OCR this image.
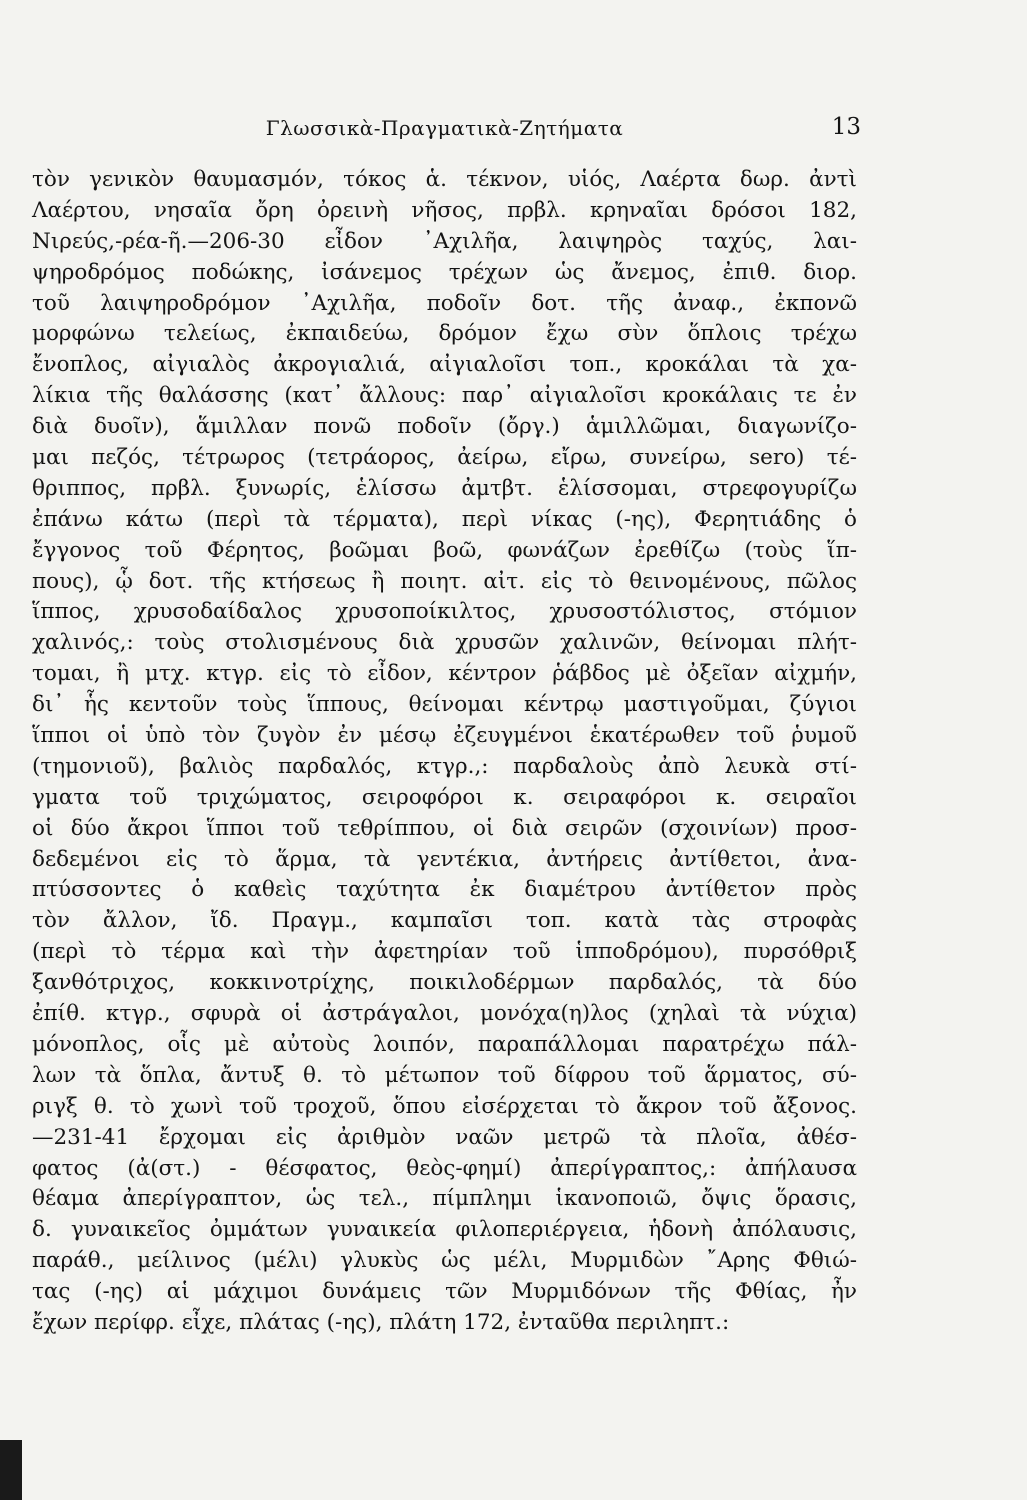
Γλωσσικὰ-Πραγματικὰ-Ζητήματα	13
τὸν γενικὸν θαυμασμόν, τόκος ἁ. τέκνον, υἱός, Λαέρτα δωρ. ἀντὶ
Λαέρτου, νησαῖα ὄρη ὀρεινὴ νῆσος, πρβλ. κρηναῖαι δρόσοι 182,
Νιρεύς,-ρέα-ῆ.—206-30 εἶδον ᾿Αχιλῆα, λαιψηρὸς ταχύς, λαι-
ψηροδρόμος ποδώκης, ἰσάνεμος τρέχων ὡς ἄνεμος, ἐπιθ. διορ.
τοῦ λαιψηροδρόμον ᾿Αχιλῆα, ποδοῖν δοτ. τῆς ἀναφ., ἐκπονῶ
μορφώνω τελείως, ἐκπαιδεύω, δρόμον ἔχω σὺν ὅπλοις τρέχω
ἔνοπλος, αἰγιαλὸς ἀκρογιαλιά, αἰγιαλοῖσι τοπ., κροκάλαι τὰ χα-
λίκια τῆς θαλάσσης (κατ᾿ ἄλλους: παρ᾿ αἰγιαλοῖσι κροκάλαις τε ἐν
διὰ δυοῖν), ἅμιλλαν πονῶ ποδοῖν (ὄργ.) ἁμιλλῶμαι, διαγωνίζο-
μαι πεζός, τέτρωρος (τετράορος, ἀείρω, εἴρω, συνείρω, sero) τέ-
θριππος, πρβλ. ξυνωρίς, ἑλίσσω ἀμτβτ. ἑλίσσομαι, στρεφογυρίζω
ἐπάνω κάτω (περὶ τὰ τέρματα), περὶ νίκας (-ης), Φερητιάδης ὁ
ἔγγονος τοῦ Φέρητος, βοῶμαι βοῶ, φωνάζων ἐρεθίζω (τοὺς ἵπ-
πους), ᾧ δοτ. τῆς κτήσεως ἢ ποιητ. αἰτ. εἰς τὸ θεινομένους, πῶλος
ἵππος, χρυσοδαίδαλος χρυσοποίκιλτος, χρυσοστόλιστος, στόμιον
χαλινός,: τοὺς στολισμένους διὰ χρυσῶν χαλινῶν, θείνομαι πλήτ-
τομαι, ἢ μτχ. κτγρ. εἰς τὸ εἶδον, κέντρον ῥάβδος μὲ ὀξεῖαν αἰχμήν,
δι᾿ ἧς κεντοῦν τοὺς ἵππους, θείνομαι κέντρῳ μαστιγοῦμαι, ζύγιοι
ἵπποι οἱ ὑπὸ τὸν ζυγὸν ἐν μέσῳ ἐζευγμένοι ἑκατέρωθεν τοῦ ῥυμοῦ
(τημονιοῦ), βαλιὸς παρδαλός, κτγρ.,: παρδαλοὺς ἀπὸ λευκὰ στί-
γματα τοῦ τριχώματος, σειροφόροι κ. σειραφόροι κ. σειραῖοι
οἱ δύο ἄκροι ἵπποι τοῦ τεθρίππου, οἱ διὰ σειρῶν (σχοινίων) προσ-
δεδεμένοι εἰς τὸ ἅρμα, τὰ γεντέκια, ἀντήρεις ἀντίθετοι, ἀνα-
πτύσσοντες ὁ καθεὶς ταχύτητα ἐκ διαμέτρου ἀντίθετον πρὸς
τὸν ἄλλον, ἴδ. Πραγμ., καμπαῖσι τοπ. κατὰ τὰς στροφὰς
(περὶ τὸ τέρμα καὶ τὴν ἀφετηρίαν τοῦ ἱπποδρόμου), πυρσόθριξ
ξανθότριχος, κοκκινοτρίχης, ποικιλοδέρμων παρδαλός, τὰ δύο
ἐπίθ. κτγρ., σφυρὰ οἱ ἀστράγαλοι, μονόχα(η)λος (χηλαὶ τὰ νύχια)
μόνοπλος, οἷς μὲ αὐτοὺς λοιπόν, παραπάλλομαι παρατρέχω πάλ-
λων τὰ ὅπλα, ἄντυξ θ. τὸ μέτωπον τοῦ δίφρου τοῦ ἅρματος, σύ-
ριγξ θ. τὸ χωνὶ τοῦ τροχοῦ, ὅπου εἰσέρχεται τὸ ἄκρον τοῦ ἄξονος.
—231-41 ἔρχομαι εἰς ἀριθμὸν ναῶν μετρῶ τὰ πλοῖα, ἀθέσ-
φατος (ἀ(στ.) - θέσφατος, θεὸς-φημί) ἀπερίγραπτος,: ἀπήλαυσα
θέαμα ἀπερίγραπτον, ὡς τελ., πίμπλημι ἱκανοποιῶ, ὄψις ὅρασις,
δ. γυναικεῖος ὀμμάτων γυναικεία φιλοπεριέργεια, ἡδονὴ ἀπόλαυσις,
παράθ., μείλινος (μέλι) γλυκὺς ὡς μέλι, Μυρμιδὼν ῎Αρης Φθιώ-
τας (-ης) αἱ μάχιμοι δυνάμεις τῶν Μυρμιδόνων τῆς Φθίας, ἦν
ἔχων περίφρ. εἶχε, πλάτας (-ης), πλάτη 172, ἐνταῦθα περιληπτ.:
